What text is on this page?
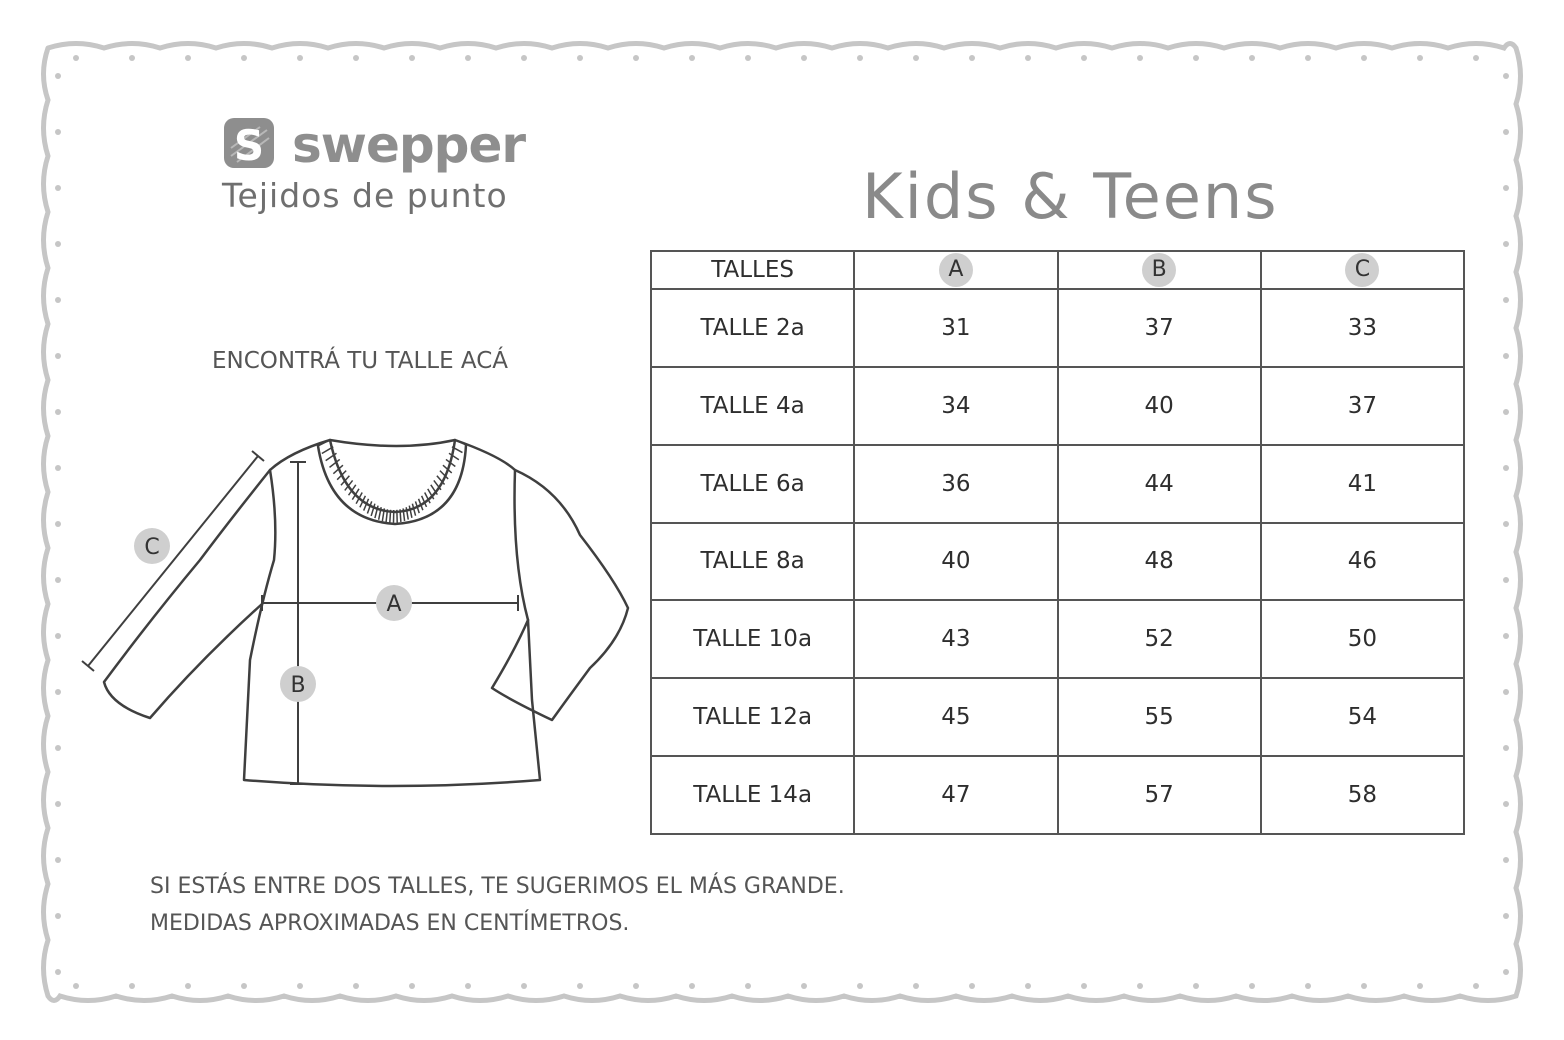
S swepper
Tejidos de punto	Kids & Teens
ENCONTRÁ TU TALLE ACÁ
A
B
C
TALLES	A	B	C
TALLE 2a	31	37	33
TALLE 4a	34	40	37
TALLE 6a	36	44	41
TALLE 8a	40	48	46
TALLE 10a	43	52	50
TALLE 12a	45	55	54
TALLE 14a	47	57	58
SI ESTÁS ENTRE DOS TALLES, TE SUGERIMOS EL MÁS GRANDE.
MEDIDAS APROXIMADAS EN CENTÍMETROS.
